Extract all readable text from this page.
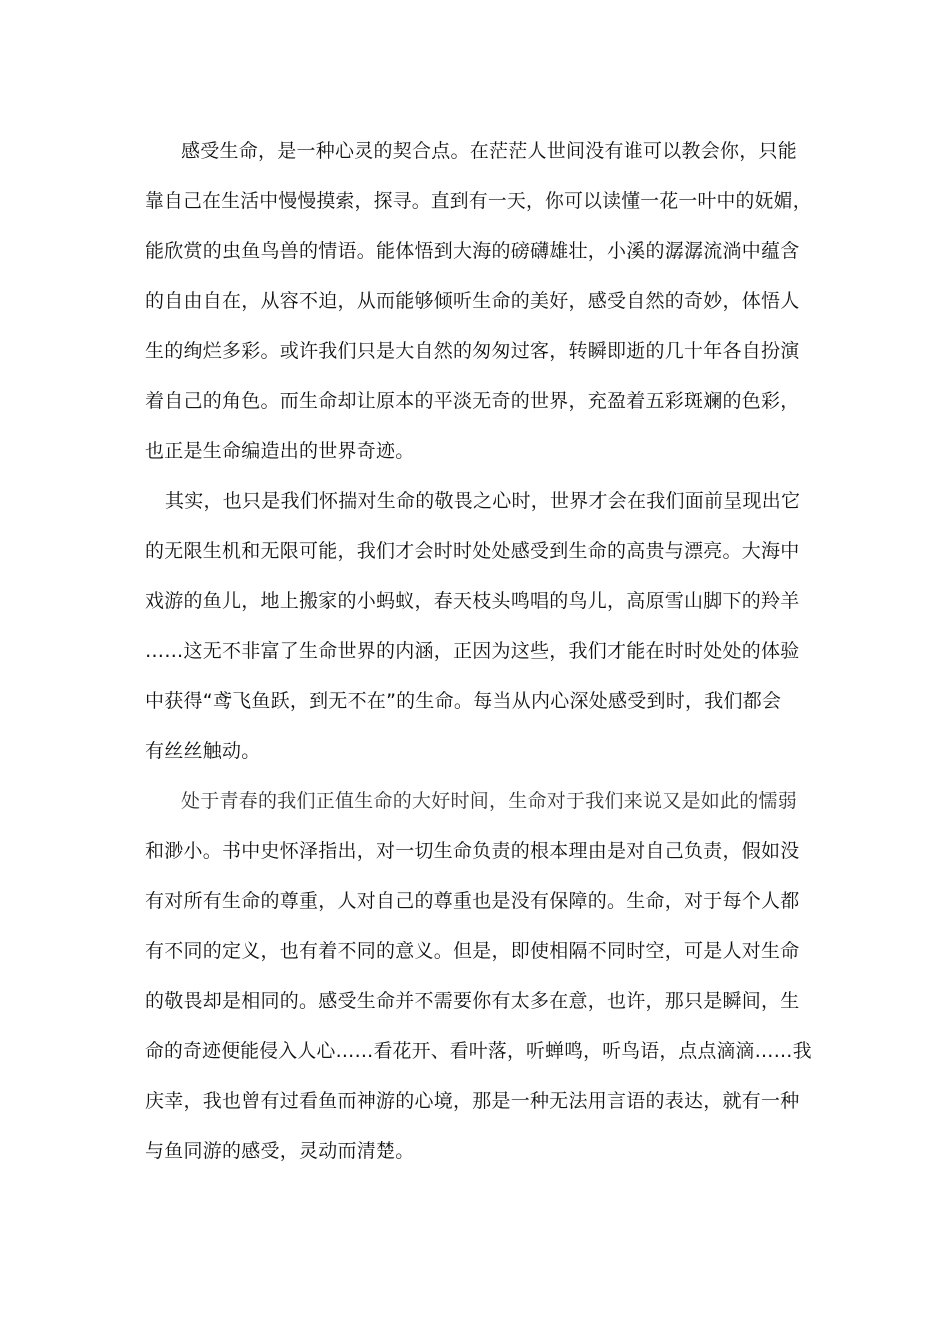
感受生命，是一种心灵的契合点。在茫茫人世间没有谁可以教会你，只能
靠自己在生活中慢慢摸索，探寻。直到有一天，你可以读懂一花一叶中的妩媚，
能欣赏的虫鱼鸟兽的情语。能体悟到大海的磅礴雄壮，小溪的潺潺流淌中蕴含
的自由自在，从容不迫，从而能够倾听生命的美好，感受自然的奇妙，体悟人
生的绚烂多彩。或许我们只是大自然的匆匆过客，转瞬即逝的几十年各自扮演
着自己的角色。而生命却让原本的平淡无奇的世界，充盈着五彩斑斓的色彩，
也正是生命编造出的世界奇迹。
其实，也只是我们怀揣对生命的敬畏之心时，世界才会在我们面前呈现出它
的无限生机和无限可能，我们才会时时处处感受到生命的高贵与漂亮。大海中
戏游的鱼儿，地上搬家的小蚂蚁，春天枝头鸣唱的鸟儿，高原雪山脚下的羚羊
……这无不非富了生命世界的内涵，正因为这些，我们才能在时时处处的体验
中获得“鸢飞鱼跃，到无不在”的生命。每当从内心深处感受到时，我们都会
有丝丝触动。
处于青春的我们正值生命的大好时间，生命对于我们来说又是如此的懦弱
和渺小。书中史怀泽指出，对一切生命负责的根本理由是对自己负责，假如没
有对所有生命的尊重，人对自己的尊重也是没有保障的。生命，对于每个人都
有不同的定义，也有着不同的意义。但是，即使相隔不同时空，可是人对生命
的敬畏却是相同的。感受生命并不需要你有太多在意，也许，那只是瞬间，生
命的奇迹便能侵入人心……看花开、看叶落，听蝉鸣，听鸟语，点点滴滴……我
庆幸，我也曾有过看鱼而神游的心境，那是一种无法用言语的表达，就有一种
与鱼同游的感受，灵动而清楚。
